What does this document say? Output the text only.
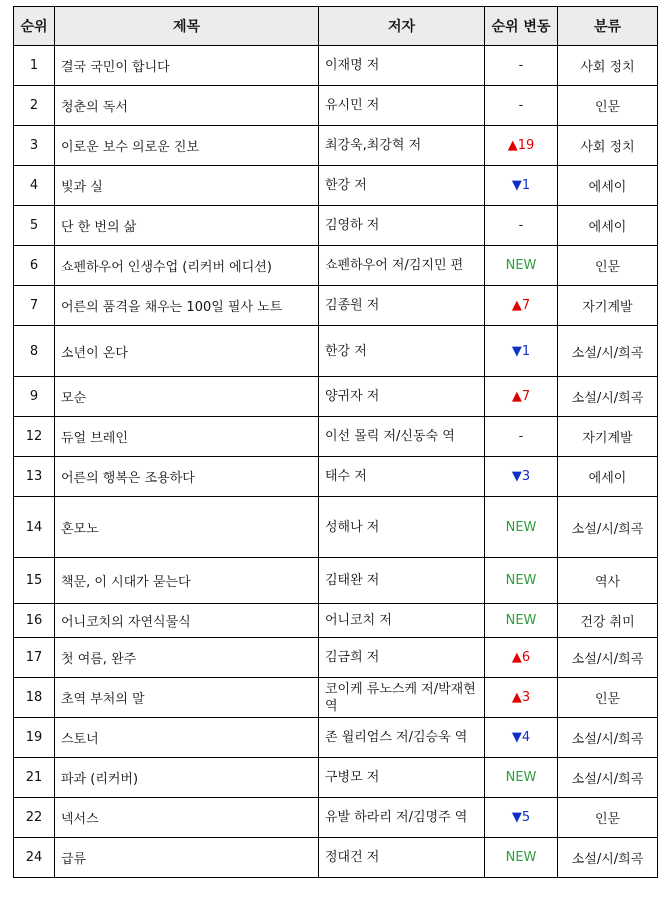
순위	제목	저자	순위 변동	분류
1	결국 국민이 합니다	이재명 저	-	사회 정치
2	청춘의 독서	유시민 저	-	인문
3	이로운 보수 의로운 진보	최강욱,최강혁 저	▲19	사회 정치
4	빛과 실	한강 저	▼1	에세이
5	단 한 번의 삶	김영하 저	-	에세이
6	쇼펜하우어 인생수업 (리커버 에디션)	쇼펜하우어 저/김지민 편	NEW	인문
7	어른의 품격을 채우는 100일 필사 노트	김종원 저	▲7	자기계발
8	소년이 온다	한강 저	▼1	소설/시/희곡
9	모순	양귀자 저	▲7	소설/시/희곡
12	듀얼 브레인	이선 몰릭 저/신동숙 역	-	자기계발
13	어른의 행복은 조용하다	태수 저	▼3	에세이
14	혼모노	성해나 저	NEW	소설/시/희곡
15	책문, 이 시대가 묻는다	김태완 저	NEW	역사
16	어니코치의 자연식물식	어니코치 저	NEW	건강 취미
17	첫 여름, 완주	김금희 저	▲6	소설/시/희곡
18	초역 부처의 말	코이케 류노스케 저/박재현 역	▲3	인문
19	스토너	존 윌리엄스 저/김승욱 역	▼4	소설/시/희곡
21	파과 (리커버)	구병모 저	NEW	소설/시/희곡
22	넥서스	유발 하라리 저/김명주 역	▼5	인문
24	급류	정대건 저	NEW	소설/시/희곡
